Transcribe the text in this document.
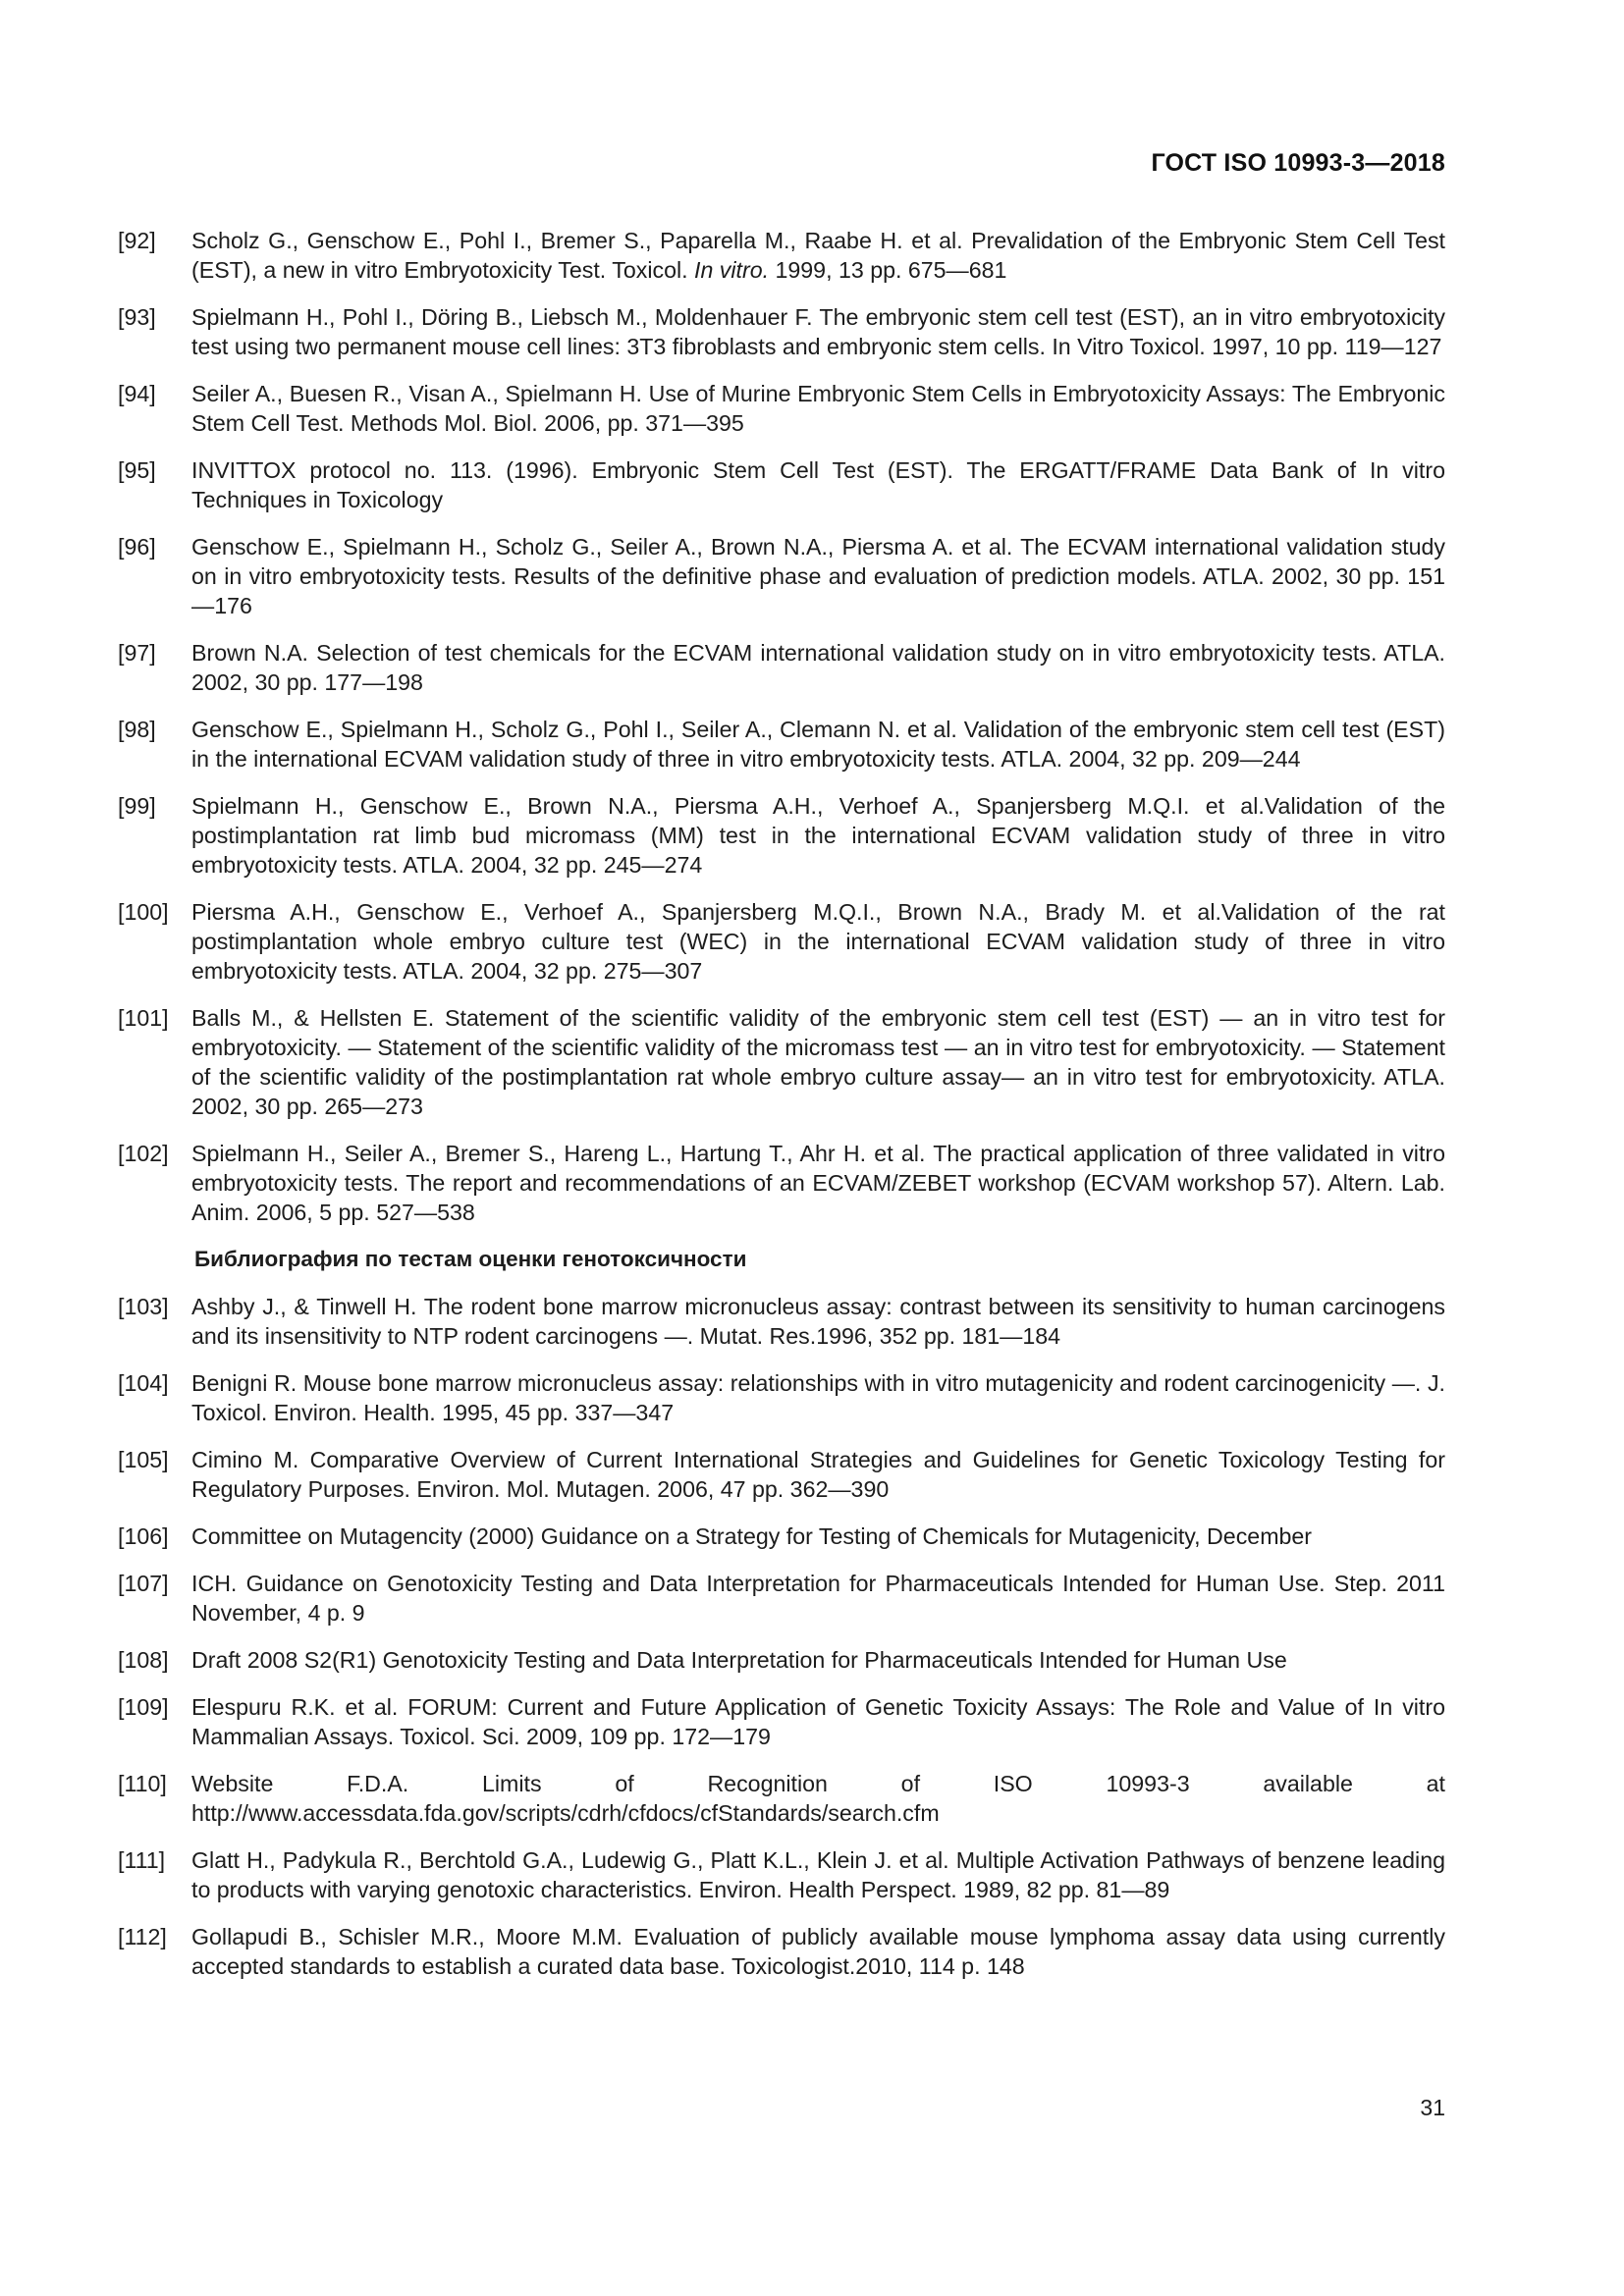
ГОСТ ISO 10993-3—2018
[92] Scholz G., Genschow E., Pohl I., Bremer S., Paparella M., Raabe H. et al. Prevalidation of the Embryonic Stem Cell Test (EST), a new in vitro Embryotoxicity Test. Toxicol. In vitro. 1999, 13 pp. 675—681
[93] Spielmann H., Pohl I., Döring B., Liebsch M., Moldenhauer F. The embryonic stem cell test (EST), an in vitro embryotoxicity test using two permanent mouse cell lines: 3T3 fibroblasts and embryonic stem cells. In Vitro Toxicol. 1997, 10 pp. 119—127
[94] Seiler A., Buesen R., Visan A., Spielmann H. Use of Murine Embryonic Stem Cells in Embryotoxicity Assays: The Embryonic Stem Cell Test. Methods Mol. Biol. 2006, pp. 371—395
[95] INVITTOX protocol no. 113. (1996). Embryonic Stem Cell Test (EST). The ERGATT/FRAME Data Bank of In vitro Techniques in Toxicology
[96] Genschow E., Spielmann H., Scholz G., Seiler A., Brown N.A., Piersma A. et al. The ECVAM international validation study on in vitro embryotoxicity tests. Results of the definitive phase and evaluation of prediction models. ATLA. 2002, 30 pp. 151—176
[97] Brown N.A. Selection of test chemicals for the ECVAM international validation study on in vitro embryotoxicity tests. ATLA. 2002, 30 pp. 177—198
[98] Genschow E., Spielmann H., Scholz G., Pohl I., Seiler A., Clemann N. et al. Validation of the embryonic stem cell test (EST) in the international ECVAM validation study of three in vitro embryotoxicity tests. ATLA. 2004, 32 pp. 209—244
[99] Spielmann H., Genschow E., Brown N.A., Piersma A.H., Verhoef A., Spanjersberg M.Q.I. et al.Validation of the postimplantation rat limb bud micromass (MM) test in the international ECVAM validation study of three in vitro embryotoxicity tests. ATLA. 2004, 32 pp. 245—274
[100] Piersma A.H., Genschow E., Verhoef A., Spanjersberg M.Q.I., Brown N.A., Brady M. et al.Validation of the rat postimplantation whole embryo culture test (WEC) in the international ECVAM validation study of three in vitro embryotoxicity tests. ATLA. 2004, 32 pp. 275—307
[101] Balls M., & Hellsten E. Statement of the scientific validity of the embryonic stem cell test (EST) — an in vitro test for embryotoxicity. — Statement of the scientific validity of the micromass test — an in vitro test for embryotoxicity. — Statement of the scientific validity of the postimplantation rat whole embryo culture assay— an in vitro test for embryotoxicity. ATLA. 2002, 30 pp. 265—273
[102] Spielmann H., Seiler A., Bremer S., Hareng L., Hartung T., Ahr H. et al. The practical application of three validated in vitro embryotoxicity tests. The report and recommendations of an ECVAM/ZEBET workshop (ECVAM workshop 57). Altern. Lab. Anim. 2006, 5 pp. 527—538
Библиография по тестам оценки генотоксичности
[103] Ashby J., & Tinwell H. The rodent bone marrow micronucleus assay: contrast between its sensitivity to human carcinogens and its insensitivity to NTP rodent carcinogens —. Mutat. Res.1996, 352 pp. 181—184
[104] Benigni R. Mouse bone marrow micronucleus assay: relationships with in vitro mutagenicity and rodent carcinogenicity —. J. Toxicol. Environ. Health. 1995, 45 pp. 337—347
[105] Cimino M. Comparative Overview of Current International Strategies and Guidelines for Genetic Toxicology Testing for Regulatory Purposes. Environ. Mol. Mutagen. 2006, 47 pp. 362—390
[106] Committee on Mutagencity (2000) Guidance on a Strategy for Testing of Chemicals for Mutagenicity, December
[107] ICH. Guidance on Genotoxicity Testing and Data Interpretation for Pharmaceuticals Intended for Human Use. Step. 2011 November, 4 p. 9
[108] Draft 2008 S2(R1) Genotoxicity Testing and Data Interpretation for Pharmaceuticals Intended for Human Use
[109] Elespuru R.K. et al. FORUM: Current and Future Application of Genetic Toxicity Assays: The Role and Value of In vitro Mammalian Assays. Toxicol. Sci. 2009, 109 pp. 172—179
[110] Website F.D.A. Limits of Recognition of ISO 10993-3 available at http://www.accessdata.fda.gov/scripts/cdrh/cfdocs/cfStandards/search.cfm
[111] Glatt H., Padykula R., Berchtold G.A., Ludewig G., Platt K.L., Klein J. et al. Multiple Activation Pathways of benzene leading to products with varying genotoxic characteristics. Environ. Health Perspect. 1989, 82 pp. 81—89
[112] Gollapudi B., Schisler M.R., Moore M.M. Evaluation of publicly available mouse lymphoma assay data using currently accepted standards to establish a curated data base. Toxicologist.2010, 114 p. 148
31
